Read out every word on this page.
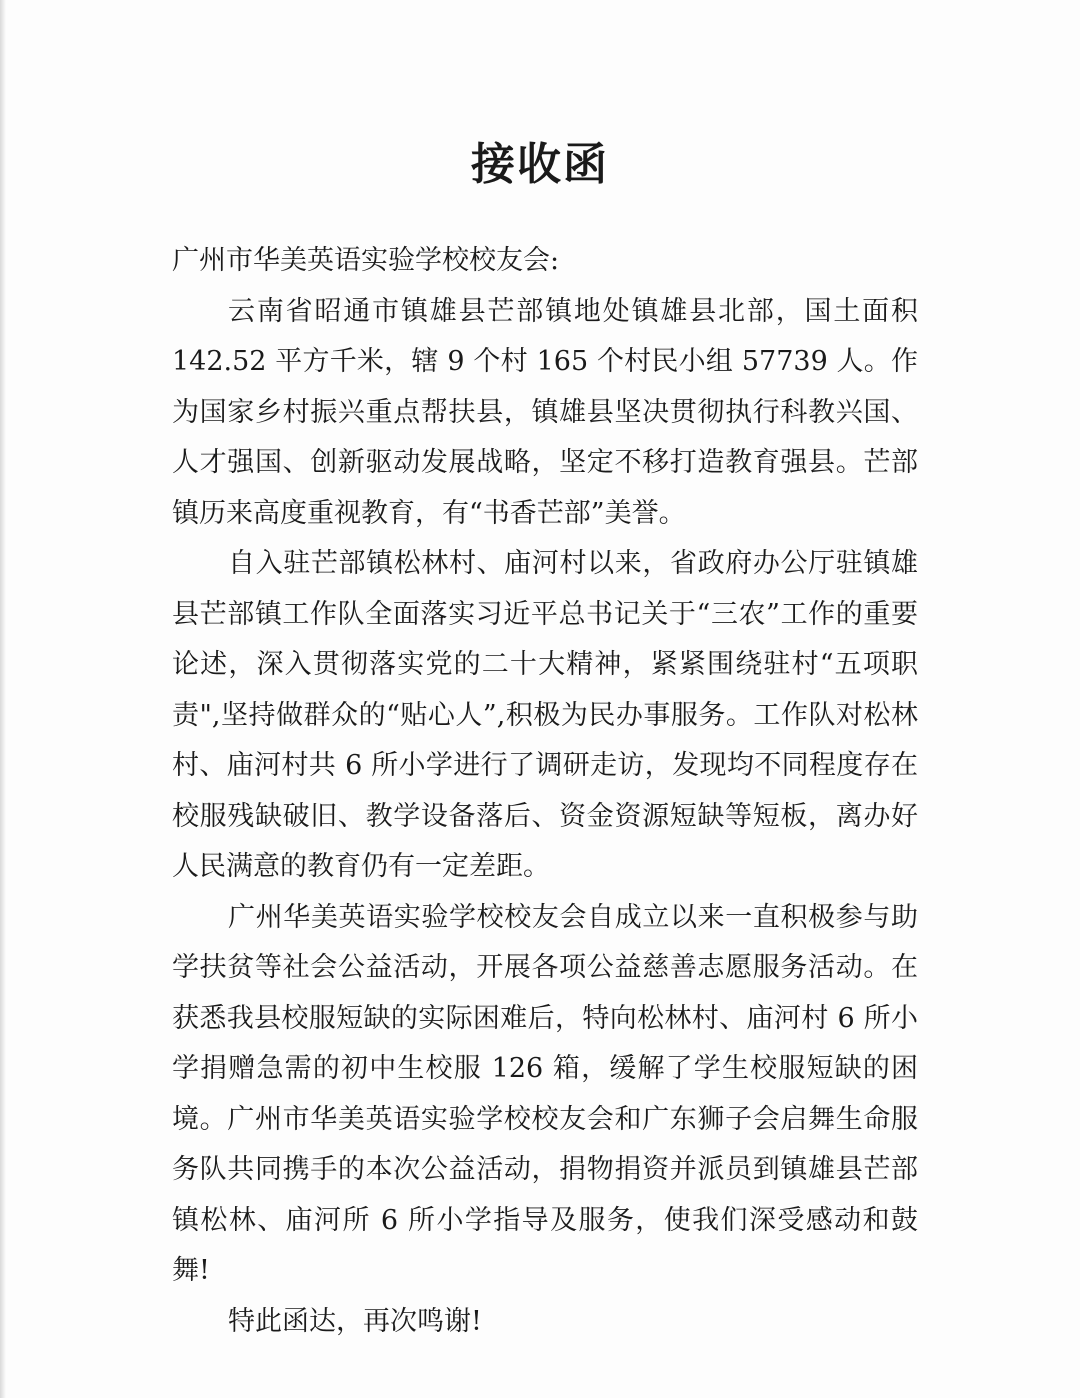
接收函

广州市华美英语实验学校校友会:

云南省昭通市镇雄县芒部镇地处镇雄县北部，国土面积 142.52 平方千米，辖 9 个村 165 个村民小组 57739 人。作为国家乡村振兴重点帮扶县，镇雄县坚决贯彻执行科教兴国、人才强国、创新驱动发展战略，坚定不移打造教育强县。芒部镇历来高度重视教育，有“书香芒部”美誉。

自入驻芒部镇松林村、庙河村以来，省政府办公厅驻镇雄县芒部镇工作队全面落实习近平总书记关于“三农”工作的重要论述，深入贯彻落实党的二十大精神，紧紧围绕驻村“五项职责",坚持做群众的“贴心人”,积极为民办事服务。工作队对松林村、庙河村共 6 所小学进行了调研走访，发现均不同程度存在校服残缺破旧、教学设备落后、资金资源短缺等短板，离办好人民满意的教育仍有一定差距。

广州华美英语实验学校校友会自成立以来一直积极参与助学扶贫等社会公益活动，开展各项公益慈善志愿服务活动。在获悉我县校服短缺的实际困难后，特向松林村、庙河村 6 所小学捐赠急需的初中生校服 126 箱，缓解了学生校服短缺的困境。广州市华美英语实验学校校友会和广东狮子会启舞生命服务队共同携手的本次公益活动，捐物捐资并派员到镇雄县芒部镇松林、庙河所 6 所小学指导及服务，使我们深受感动和鼓舞!

特此函达，再次鸣谢!
